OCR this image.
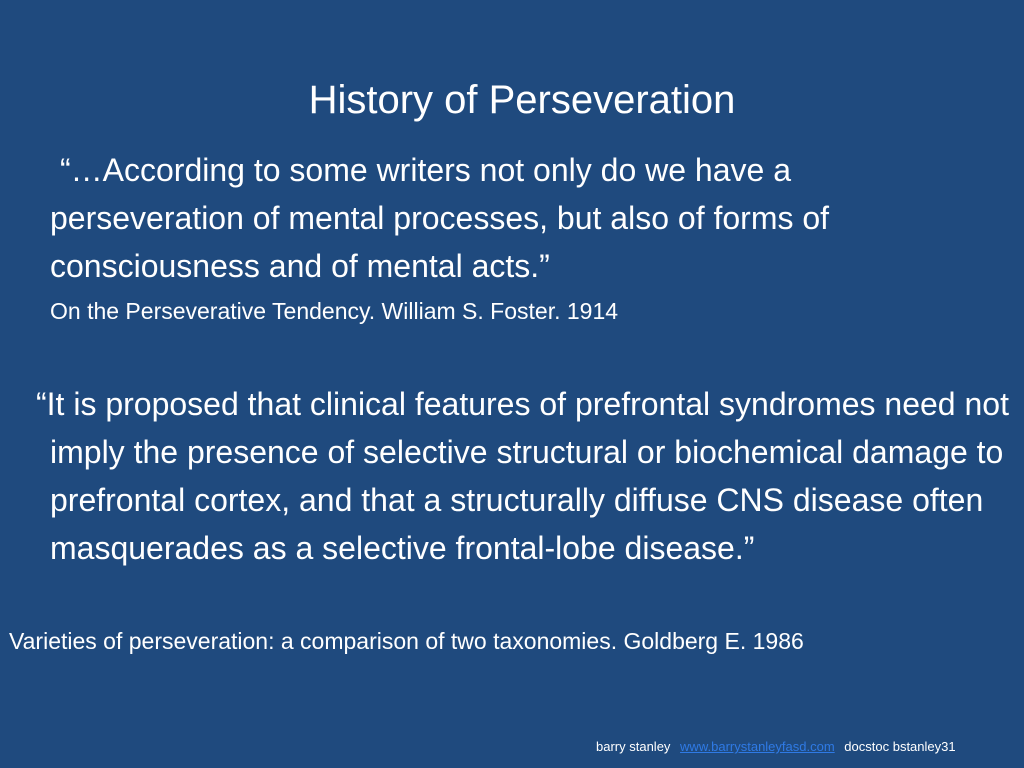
History of Perseveration

“…According to some writers not only do we have a perseveration of mental processes, but also of forms of consciousness and of mental acts.”

On the Perseverative Tendency. William S. Foster. 1914

“It is proposed that clinical features of prefrontal syndromes need not imply the presence of selective structural or biochemical damage to prefrontal cortex, and that a structurally diffuse CNS disease often masquerades as a selective frontal-lobe disease.”

Varieties of perseveration: a comparison of two taxonomies. Goldberg E. 1986

barry stanley www.barrystanleyfasd.com docstoc bstanley31
